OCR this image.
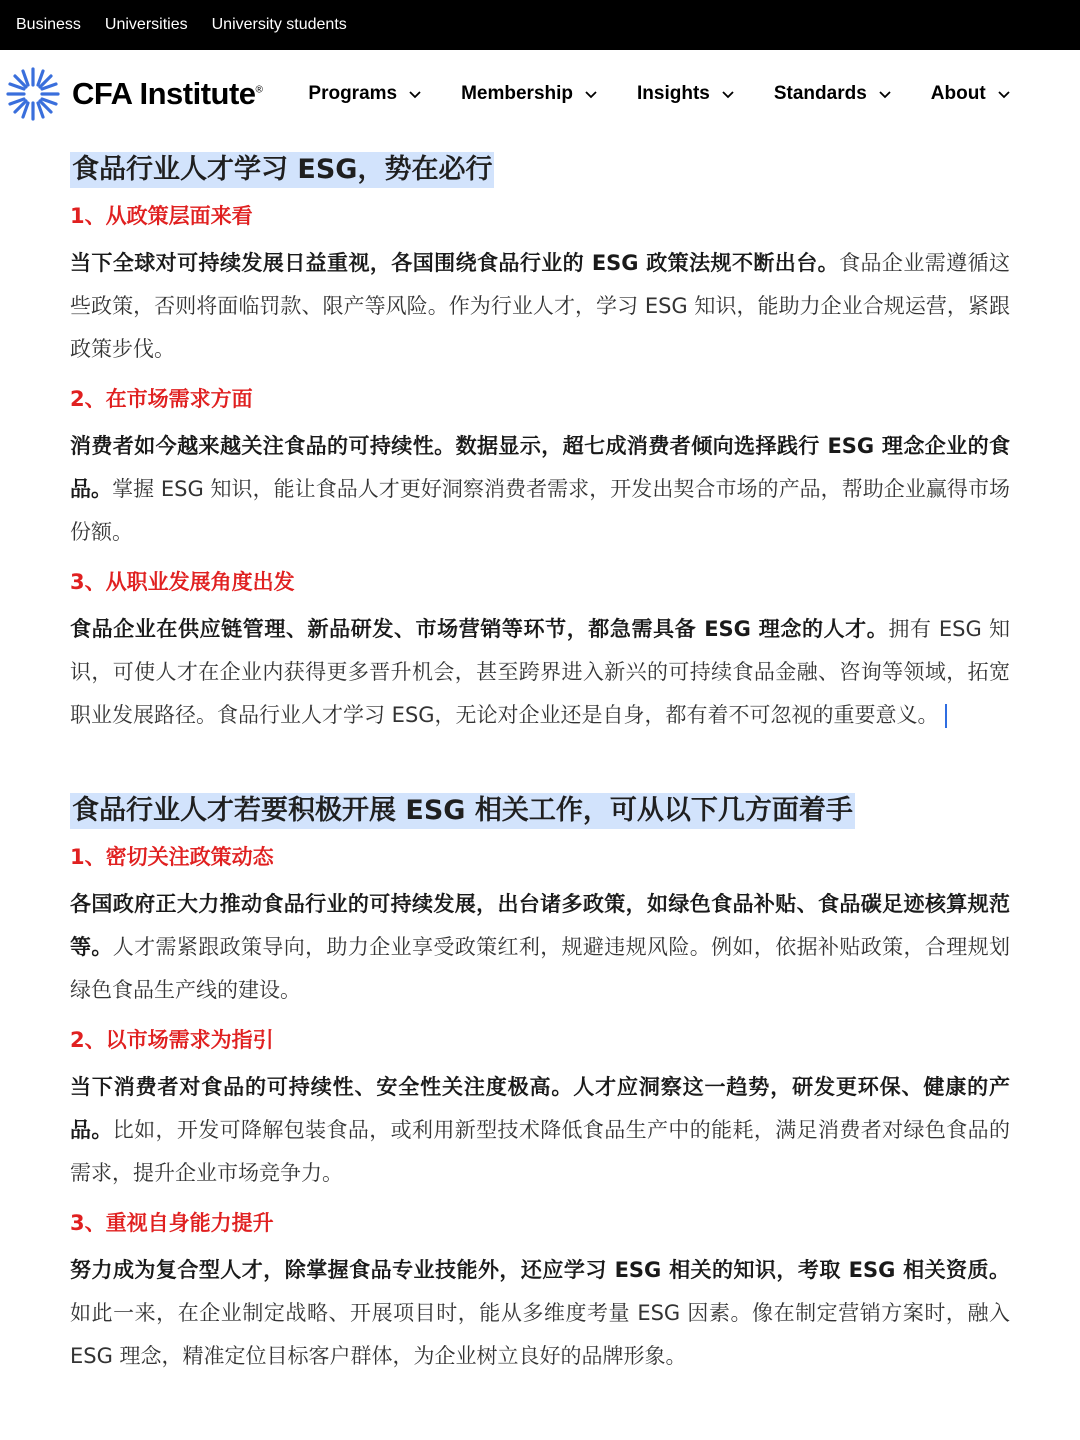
Business Universities University students
CFA Institute® Programs	Membership	Insights	Standards	About
食品行业人才学习 ESG，势在必行
1、从政策层面来看

当下全球对可持续发展日益重视，各国围绕食品行业的 ESG 政策法规不断出台。食品企业需遵循这些政策，否则将面临罚款、限产等风险。作为行业人才，学习 ESG 知识，能助力企业合规运营，紧跟政策步伐。

2、在市场需求方面

消费者如今越来越关注食品的可持续性。数据显示，超七成消费者倾向选择践行 ESG 理念企业的食品。掌握 ESG 知识，能让食品人才更好洞察消费者需求，开发出契合市场的产品，帮助企业赢得市场份额。

3、从职业发展角度出发

食品企业在供应链管理、新品研发、市场营销等环节，都急需具备 ESG 理念的人才。拥有 ESG 知识，可使人才在企业内获得更多晋升机会，甚至跨界进入新兴的可持续食品金融、咨询等领域，拓宽职业发展路径。食品行业人才学习 ESG，无论对企业还是自身，都有着不可忽视的重要意义。

食品行业人才若要积极开展 ESG 相关工作，可从以下几方面着手
1、密切关注政策动态

各国政府正大力推动食品行业的可持续发展，出台诸多政策，如绿色食品补贴、食品碳足迹核算规范等。人才需紧跟政策导向，助力企业享受政策红利，规避违规风险。例如，依据补贴政策，合理规划绿色食品生产线的建设。

2、以市场需求为指引

当下消费者对食品的可持续性、安全性关注度极高。人才应洞察这一趋势，研发更环保、健康的产品。比如，开发可降解包装食品，或利用新型技术降低食品生产中的能耗，满足消费者对绿色食品的需求，提升企业市场竞争力。

3、重视自身能力提升

努力成为复合型人才，除掌握食品专业技能外，还应学习 ESG 相关的知识，考取 ESG 相关资质。如此一来，在企业制定战略、开展项目时，能从多维度考量 ESG 因素。像在制定营销方案时，融入 ESG 理念，精准定位目标客户群体，为企业树立良好的品牌形象。
